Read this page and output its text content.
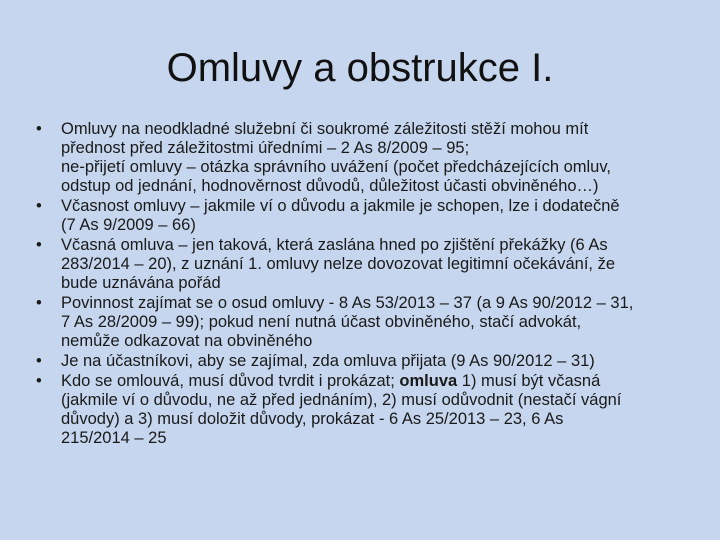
Omluvy a obstrukce I.
•	Omluvy na neodkladné služební či soukromé záležitosti stěží mohou mít
přednost před záležitostmi úředními – 2 As 8/2009 – 95;
ne-přijetí omluvy – otázka správního uvážení (počet předcházejících omluv,
odstup od jednání, hodnověrnost důvodů, důležitost účasti obviněného…)
•	Včasnost omluvy – jakmile ví o důvodu a jakmile je schopen, lze i dodatečně
(7 As 9/2009 – 66)
•	Včasná omluva – jen taková, která zaslána hned po zjištění překážky (6 As
283/2014 – 20), z uznání 1. omluvy nelze dovozovat legitimní očekávání, že
bude uznávána pořád
•	Povinnost zajímat se o osud omluvy - 8 As 53/2013 – 37 (a 9 As 90/2012 – 31,
7 As 28/2009 – 99); pokud není nutná účast obviněného, stačí advokát,
nemůže odkazovat na obviněného
•	Je na účastníkovi, aby se zajímal, zda omluva přijata (9 As 90/2012 – 31)
•	Kdo se omlouvá, musí důvod tvrdit i prokázat; omluva 1) musí být včasná
(jakmile ví o důvodu, ne až před jednáním), 2) musí odůvodnit (nestačí vágní
důvody) a 3) musí doložit důvody, prokázat - 6 As 25/2013 – 23, 6 As
215/2014 – 25
